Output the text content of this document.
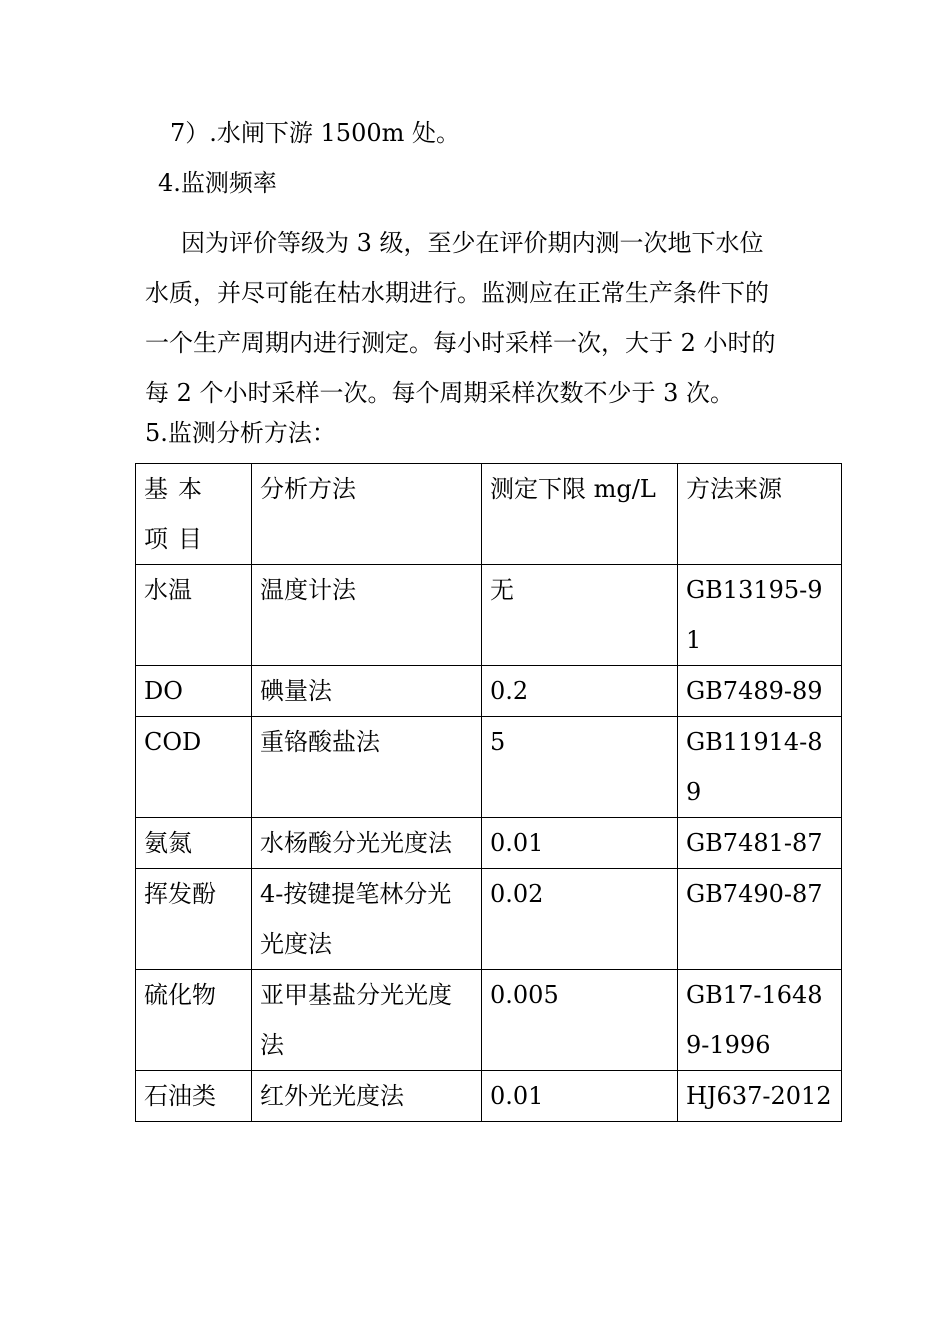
7）.水闸下游 1500m 处。
4.监测频率
因为评价等级为 3 级，至少在评价期内测一次地下水位
水质，并尽可能在枯水期进行。监测应在正常生产条件下的
一个生产周期内进行测定。每小时采样一次，大于 2 小时的
每 2 个小时采样一次。每个周期采样次数不少于 3 次。
5.监测分析方法：
基本项目	分析方法	测定下限 mg/L	方法来源
水温	温度计法	无	GB13195-91
DO	碘量法	0.2	GB7489-89
COD	重铬酸盐法	5	GB11914-89
氨氮	水杨酸分光光度法	0.01	GB7481-87
挥发酚	4-按键提笔林分光光度法	0.02	GB7490-87
硫化物	亚甲基盐分光光度法	0.005	GB17-16489-1996
石油类	红外光光度法	0.01	HJ637-2012
